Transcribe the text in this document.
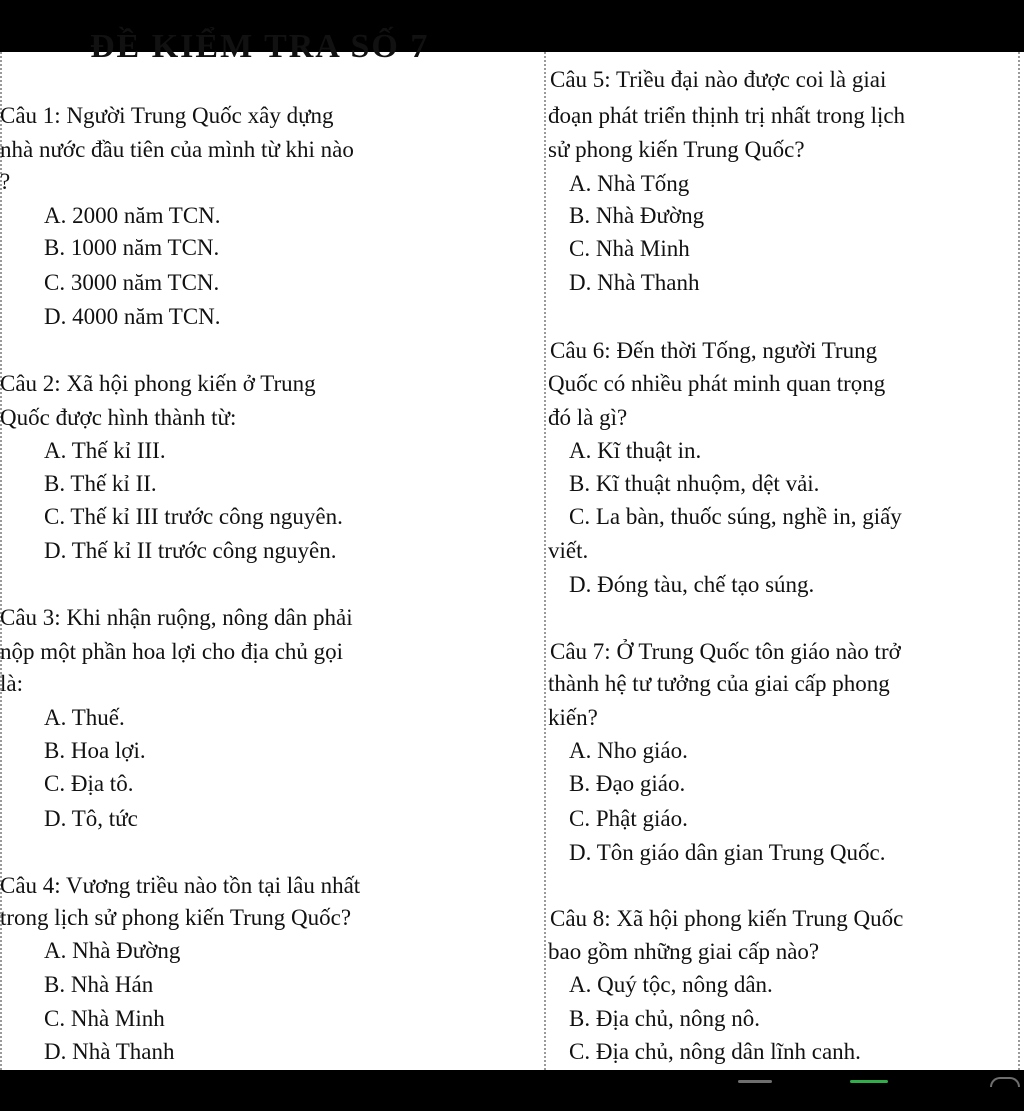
ĐỀ KIỂM TRA SỐ 7
Câu 1: Người Trung Quốc xây dựng
nhà nước đầu tiên của mình từ khi nào
?
A. 2000 năm TCN.
B. 1000 năm TCN.
C. 3000 năm TCN.
D. 4000 năm TCN.
Câu 2: Xã hội phong kiến ở Trung
Quốc được hình thành từ:
A. Thế kỉ III.
B. Thế kỉ II.
C. Thế kỉ III trước công nguyên.
D. Thế kỉ II trước công nguyên.
Câu 3: Khi nhận ruộng, nông dân phải
nộp một phần hoa lợi cho địa chủ gọi
là:
A. Thuế.
B. Hoa lợi.
C. Địa tô.
D. Tô, tức
Câu 4: Vương triều nào tồn tại lâu nhất
trong lịch sử phong kiến Trung Quốc?
A. Nhà Đường
B. Nhà Hán
C. Nhà Minh
D. Nhà Thanh
Câu 5: Triều đại nào được coi là giai
đoạn phát triển thịnh trị nhất trong lịch
sử phong kiến Trung Quốc?
A. Nhà Tống
B. Nhà Đường
C. Nhà Minh
D. Nhà Thanh
Câu 6: Đến thời Tống, người Trung
Quốc có nhiều phát minh quan trọng
đó là gì?
A. Kĩ thuật in.
B. Kĩ thuật nhuộm, dệt vải.
C. La bàn, thuốc súng, nghề in, giấy
viết.
D. Đóng tàu, chế tạo súng.
Câu 7: Ở Trung Quốc tôn giáo nào trở
thành hệ tư tưởng của giai cấp phong
kiến?
A. Nho giáo.
B. Đạo giáo.
C. Phật giáo.
D. Tôn giáo dân gian Trung Quốc.
Câu 8: Xã hội phong kiến Trung Quốc
bao gồm những giai cấp nào?
A. Quý tộc, nông dân.
B. Địa chủ, nông nô.
C. Địa chủ, nông dân lĩnh canh.
